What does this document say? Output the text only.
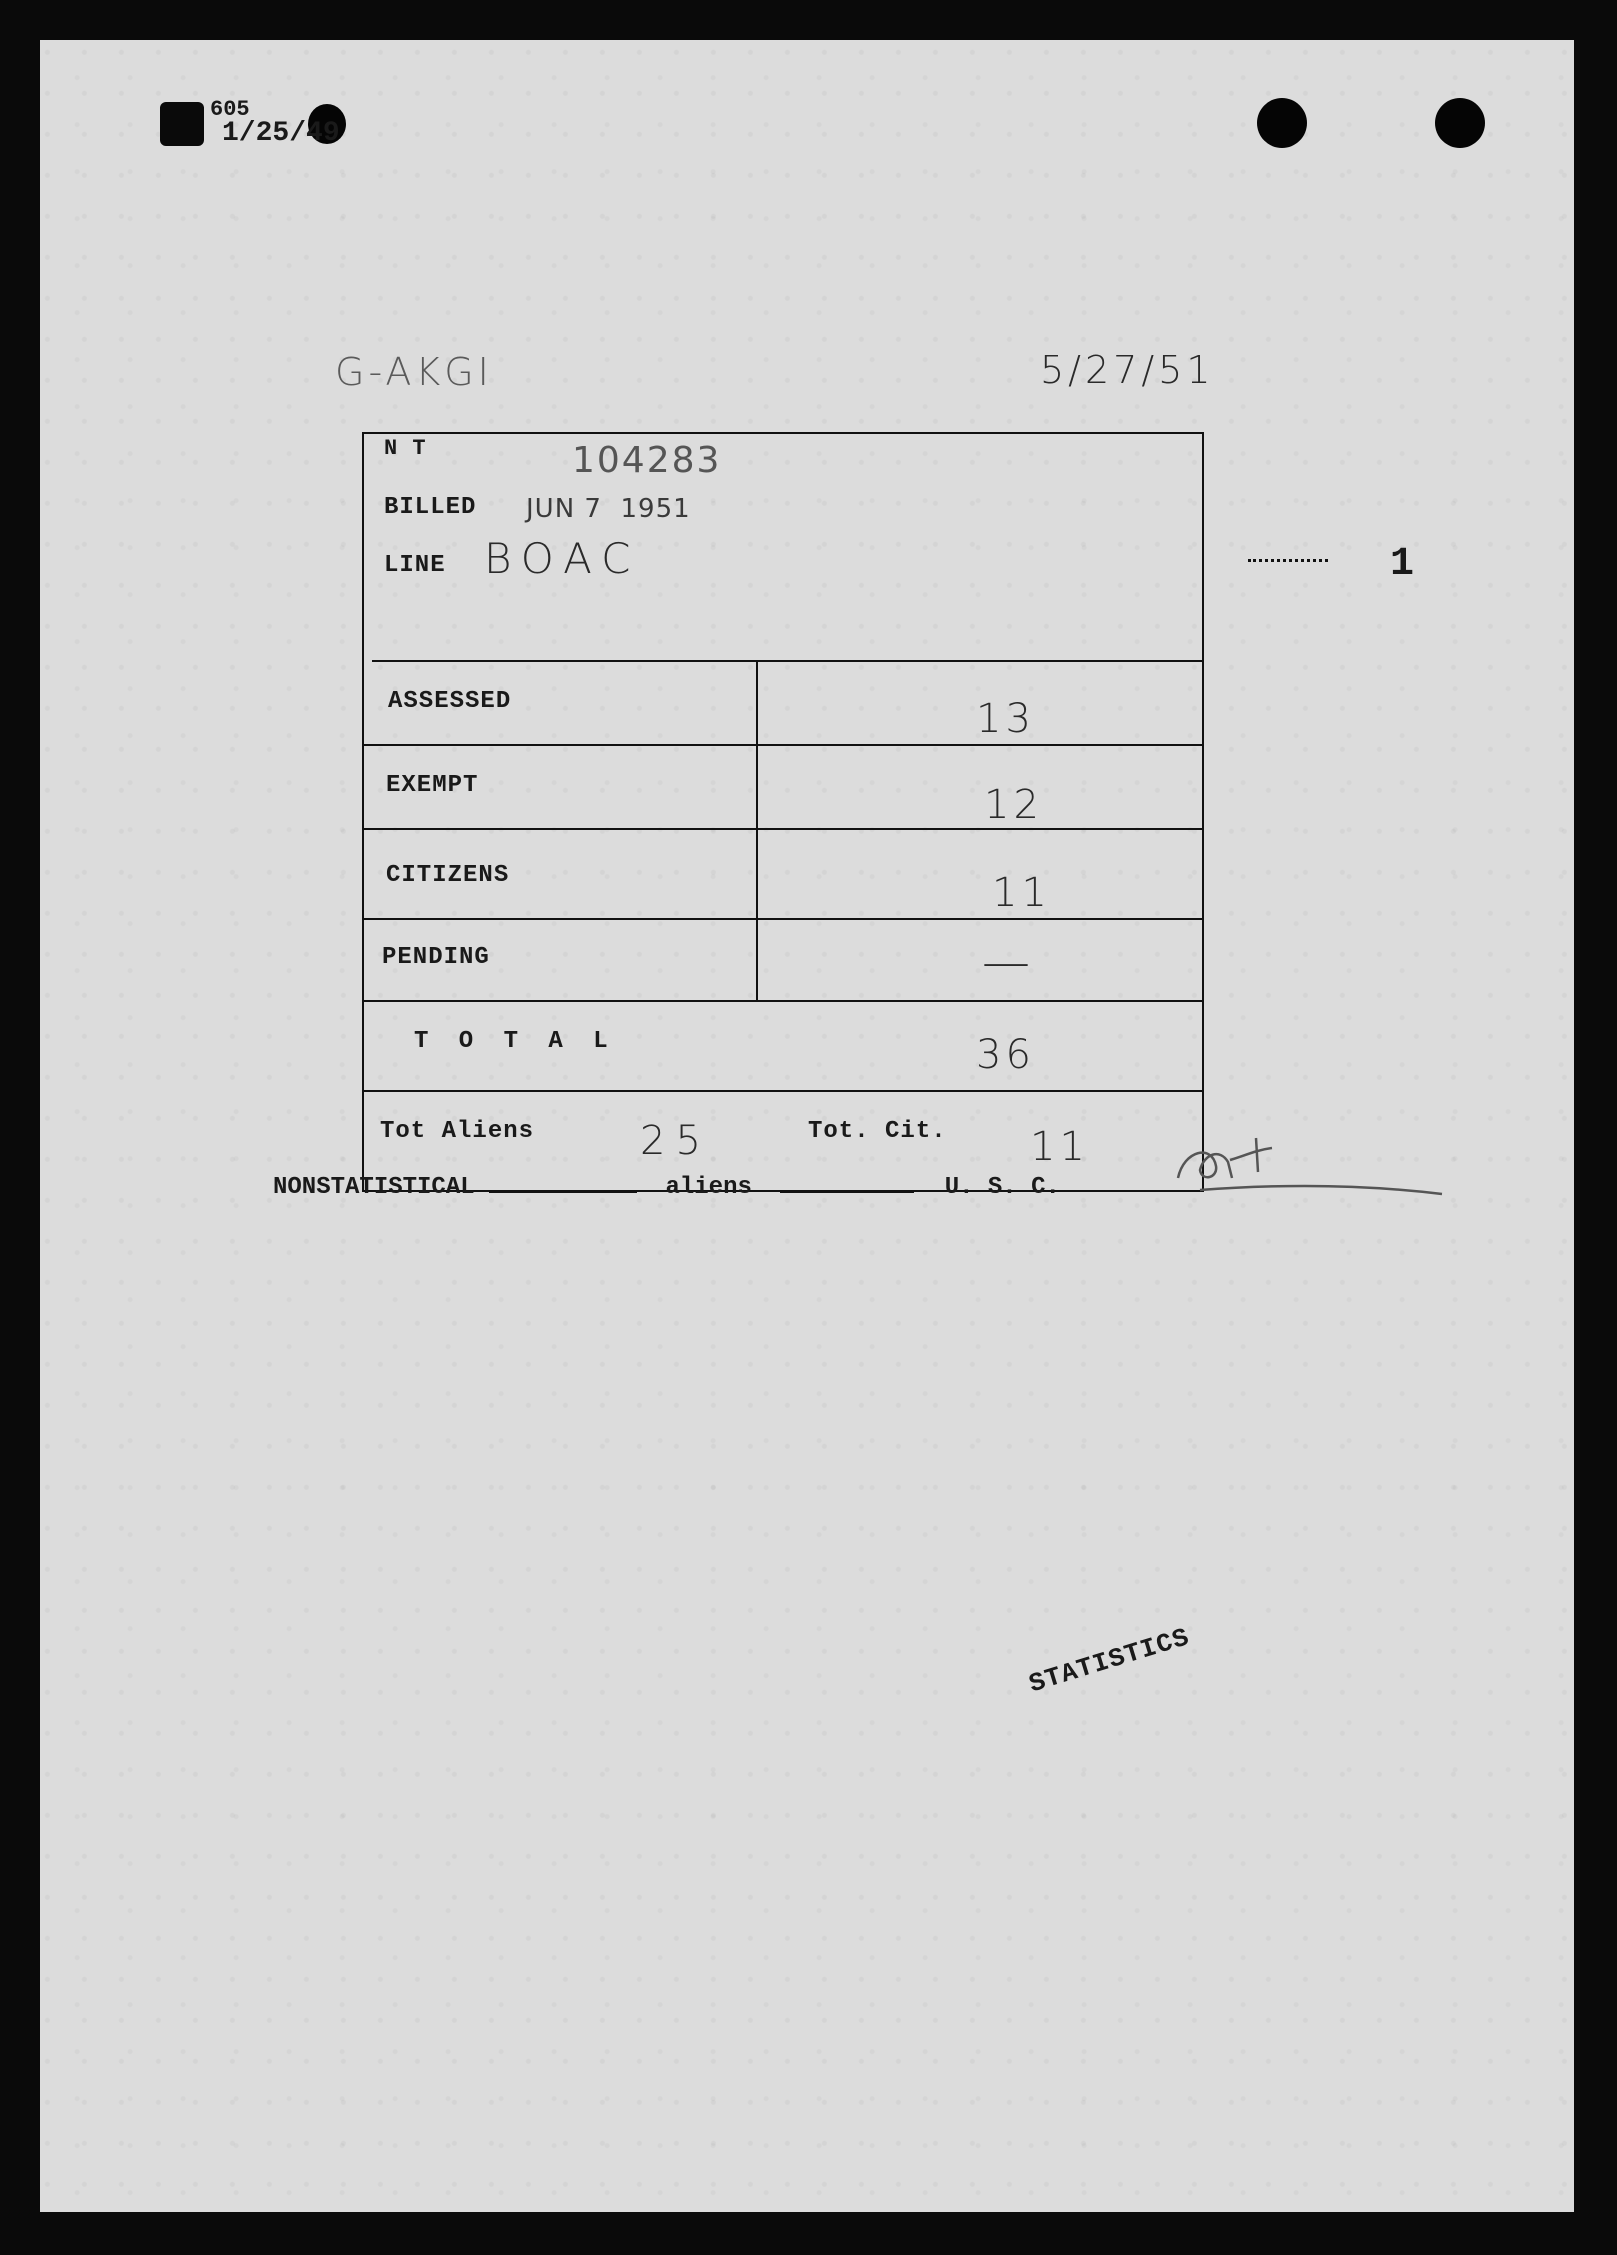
605
1/25/49
G-AKGI	5/27/51
N T	104283
BILLED JUN 7  1951
LINE BOAC
ASSESSED	13
EXEMPT	12
CITIZENS	11
PENDING	—
T O T A L	36
Tot Aliens	25	Tot. Cit. 11
1
NONSTATISTICAL	aliens	U. S. C.
STATISTICS
